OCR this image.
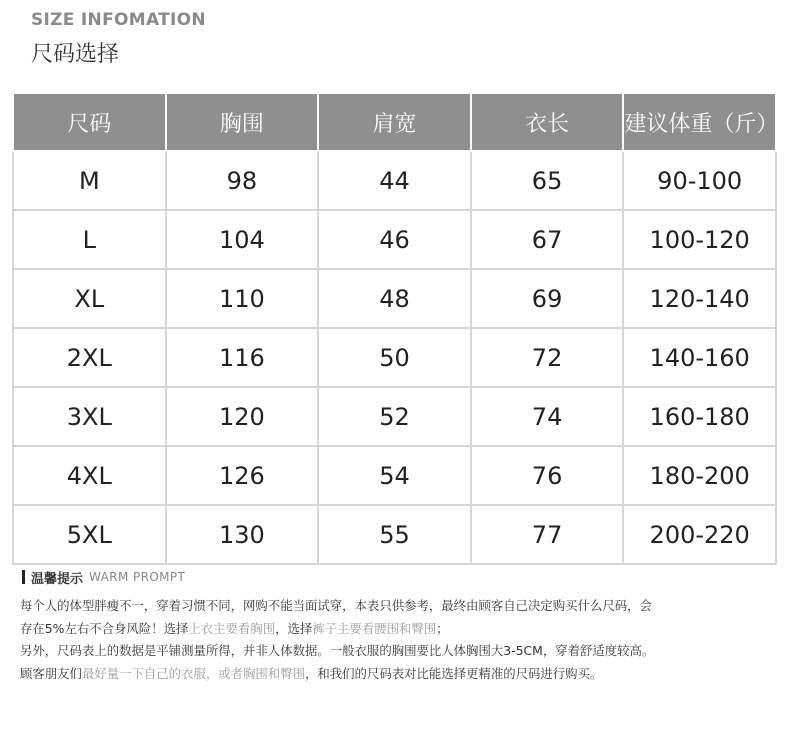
SIZE INFOMATION
尺码选择
尺码	胸围	肩宽	衣长	建议体重（斤）
M	98	44	65	90-100
L	104	46	67	100-120
XL	110	48	69	120-140
2XL	116	50	72	140-160
3XL	120	52	74	160-180
4XL	126	54	76	180-200
5XL	130	55	77	200-220
温馨提示 WARM PROMPT

每个人的体型胖瘦不一，穿着习惯不同，网购不能当面试穿，本表只供参考，最终由顾客自己决定购买什么尺码，会

存在5%左右不合身风险！选择上衣主要看胸围，选择裤子主要看腰围和臀围；

另外，尺码表上的数据是平铺测量所得，并非人体数据。一般衣服的胸围要比人体胸围大3-5CM，穿着舒适度较高。

顾客朋友们最好量一下自己的衣服，或者胸围和臀围，和我们的尺码表对比能选择更精准的尺码进行购买。
